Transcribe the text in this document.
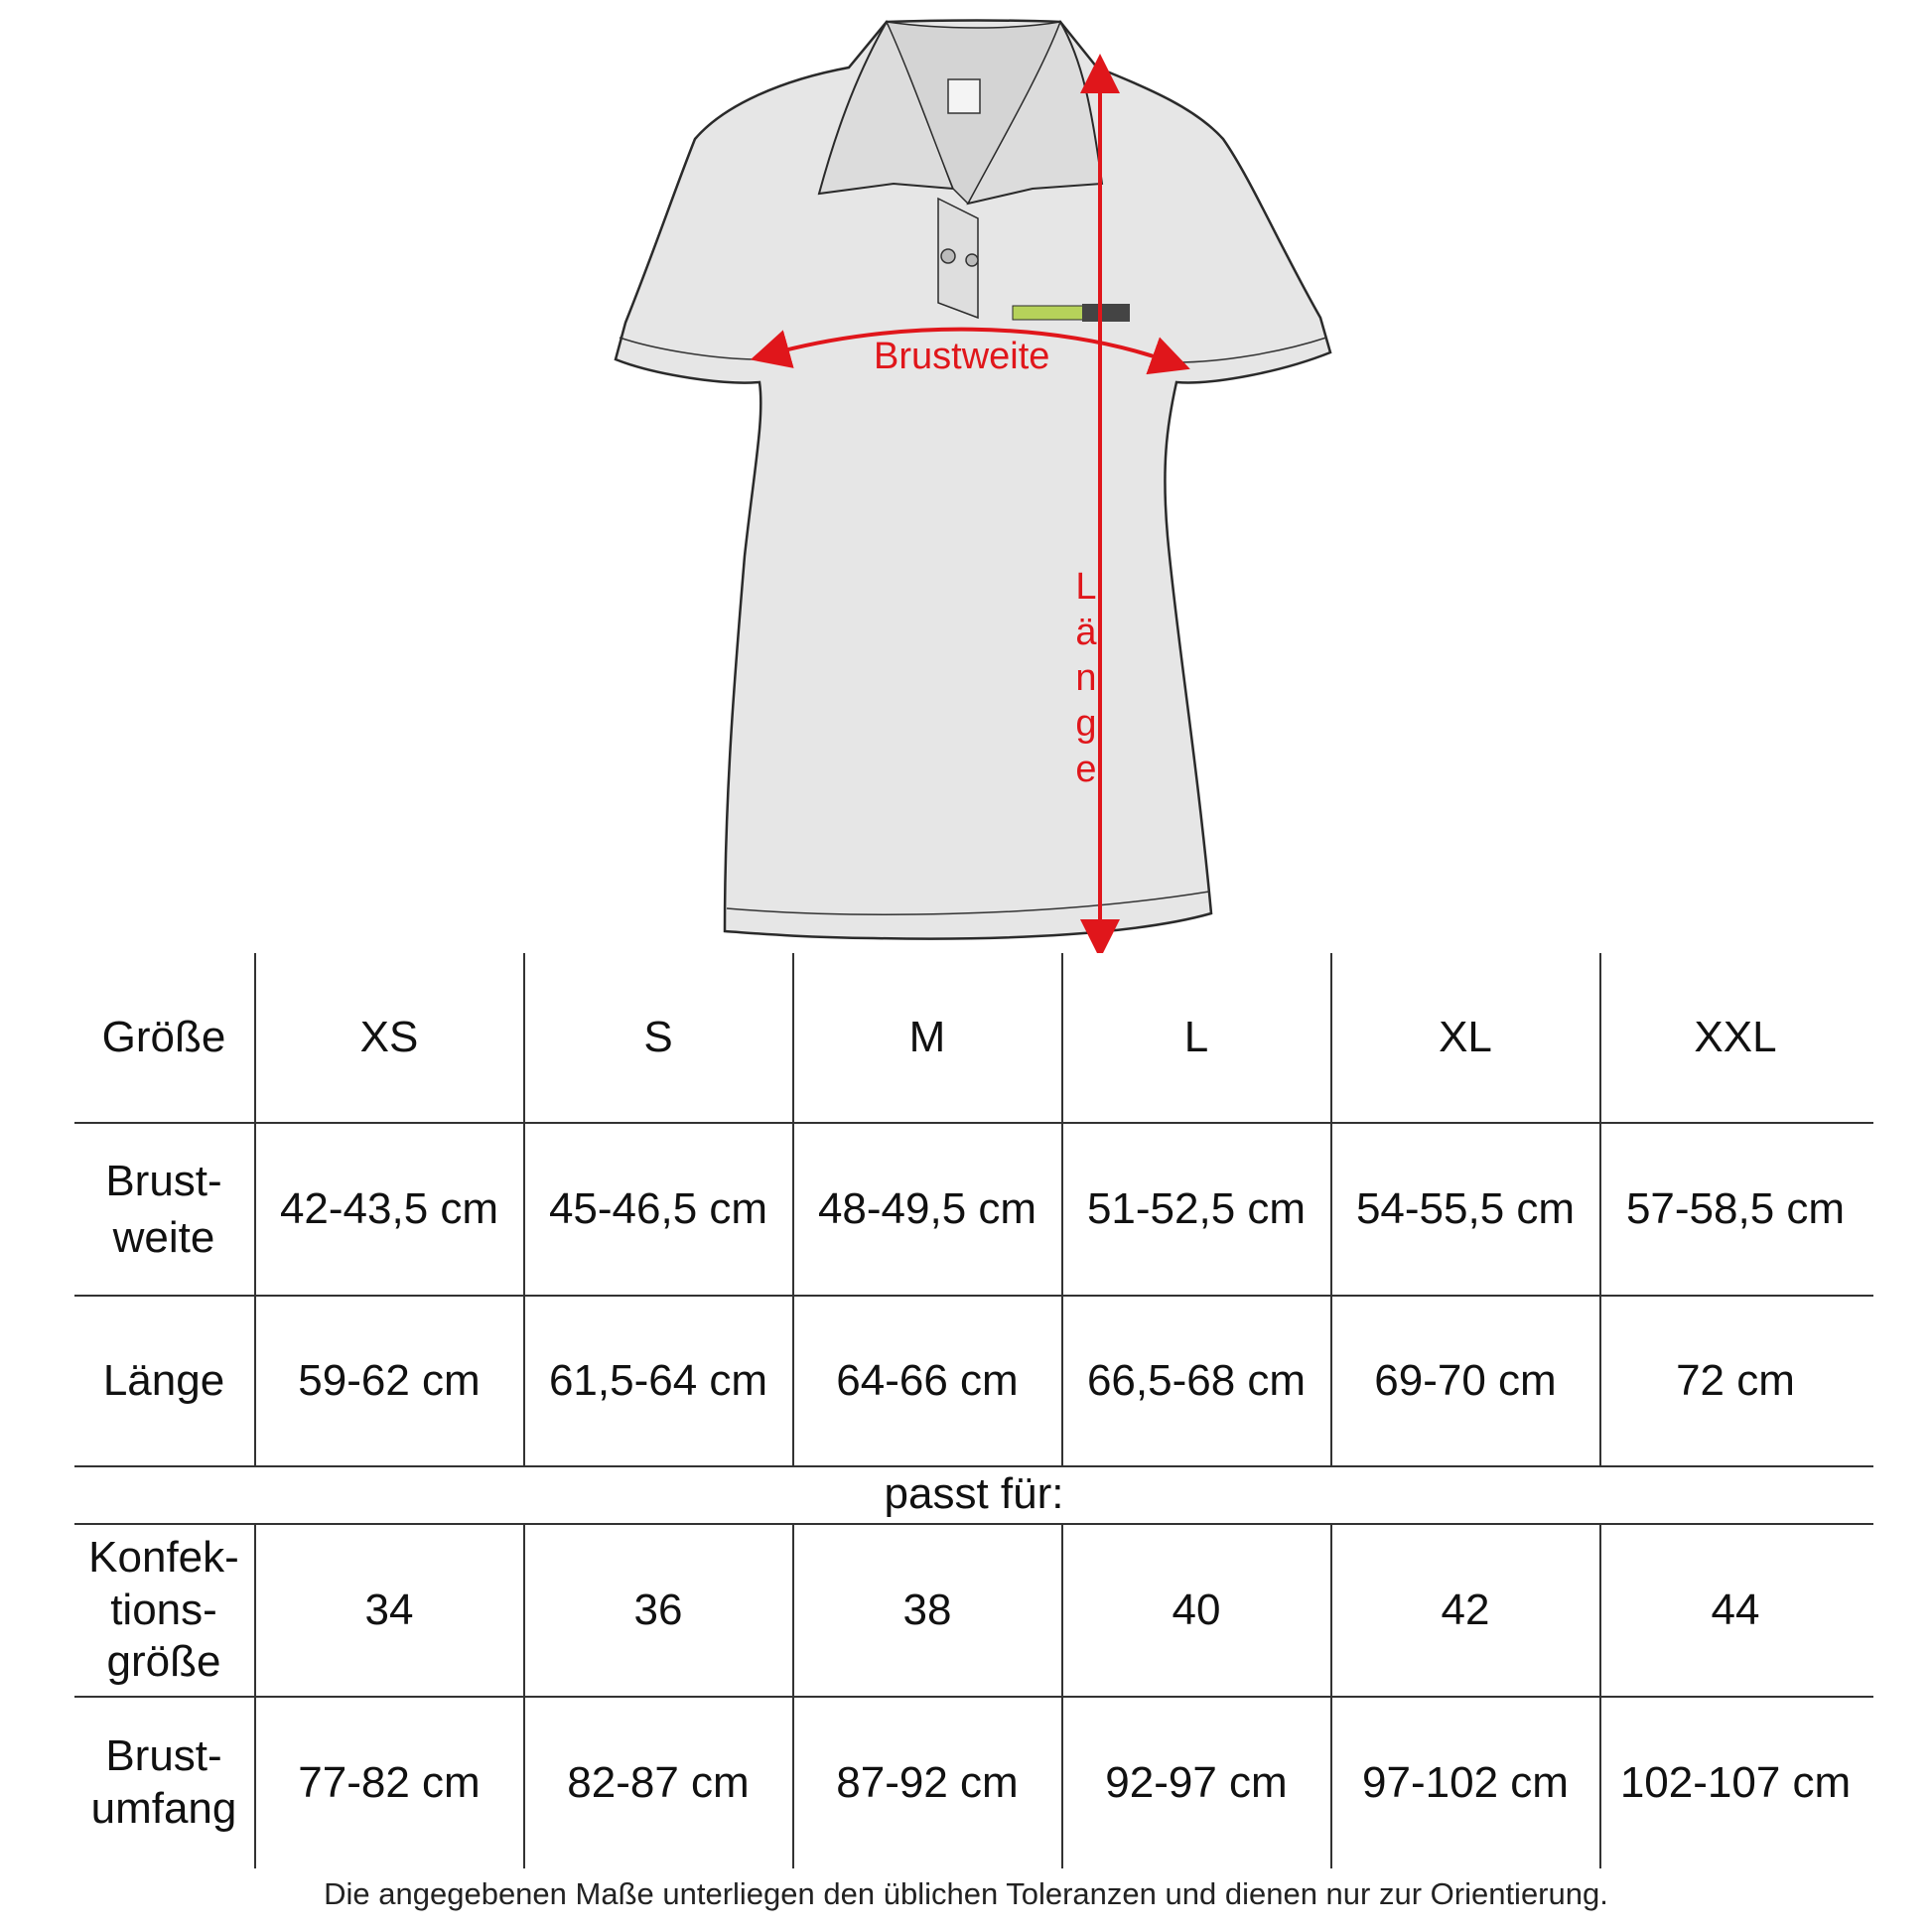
Brustweite
L
ä
n
g
e
Größe	XS	S	M	L	XL	XXL
Brust-
weite
42-43,5 cm	45-46,5 cm	48-49,5 cm	51-52,5 cm	54-55,5 cm	57-58,5 cm
Länge	59-62 cm	61,5-64 cm	64-66 cm	66,5-68 cm	69-70 cm	72 cm
passt für:
Konfek-
tions-
größe
34	36	38	40	42	44
Brust-
umfang
77-82 cm	82-87 cm	87-92 cm	92-97 cm	97-102 cm	102-107 cm
Die angegebenen Maße unterliegen den üblichen Toleranzen und dienen nur zur Orientierung.
